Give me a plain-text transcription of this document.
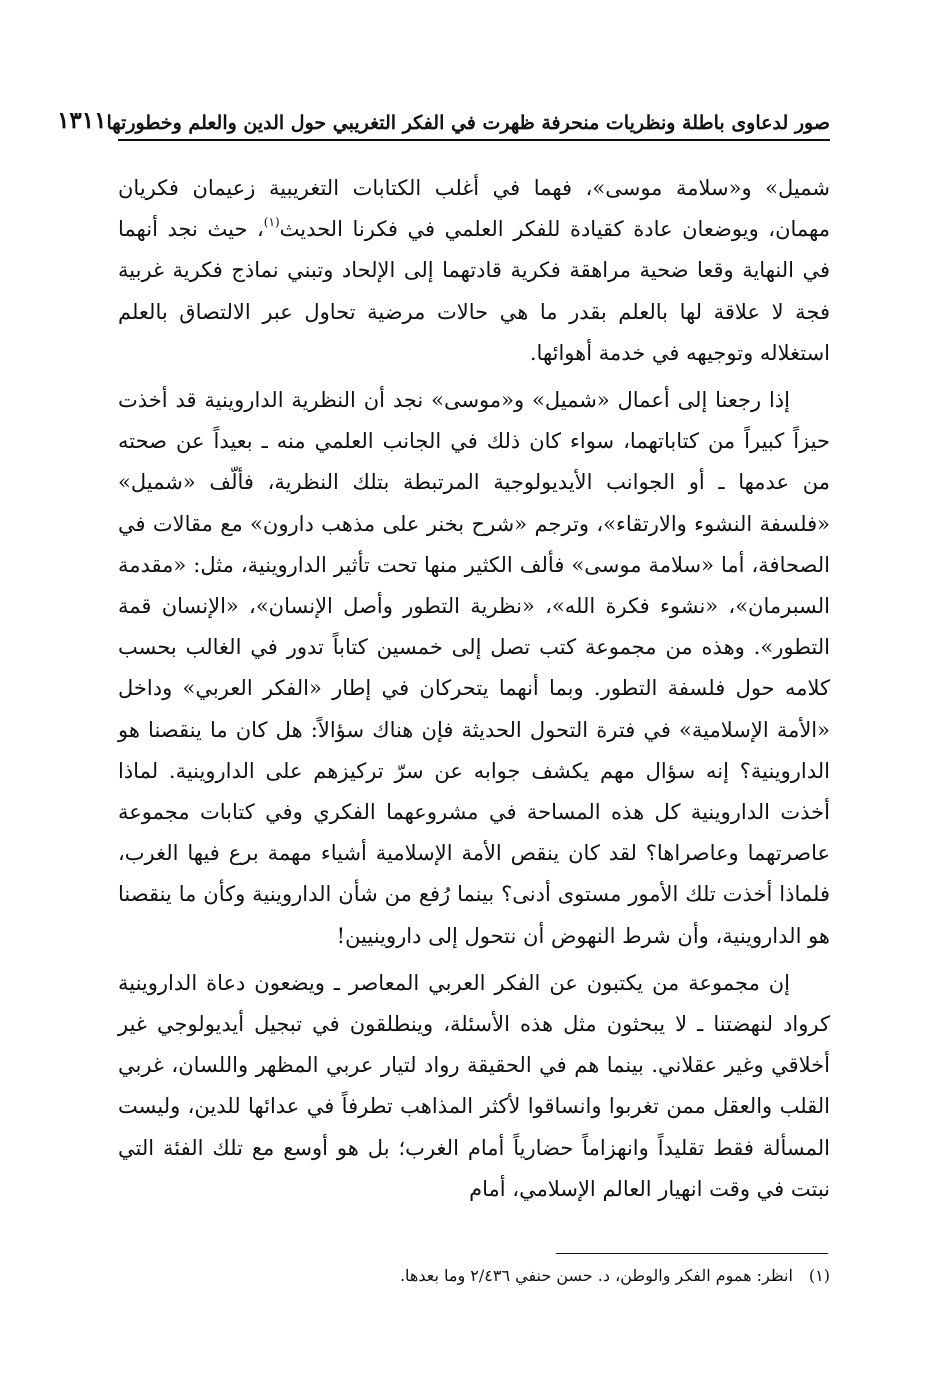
صور لدعاوى باطلة ونظريات منحرفة ظهرت في الفكر التغريبي حول الدين والعلم وخطورتها
١٣١١

شميل» و«سلامة موسى»، فهما في أغلب الكتابات التغريبية زعيمان فكريان مهمان، ويوضعان عادة كقيادة للفكر العلمي في فكرنا الحديث$^{(١)}$، حيث نجد أنهما في النهاية وقعا ضحية مراهقة فكرية قادتهما إلى الإلحاد وتبني نماذج فكرية غربية فجة لا علاقة لها بالعلم بقدر ما هي حالات مرضية تحاول عبر الالتصاق بالعلم استغلاله وتوجيهه في خدمة أهوائها.

إذا رجعنا إلى أعمال «شميل» و«موسى» نجد أن النظرية الداروينية قد أخذت حيزاً كبيراً من كتاباتهما، سواء كان ذلك في الجانب العلمي منه ـ بعيداً عن صحته من عدمها ـ أو الجوانب الأيديولوجية المرتبطة بتلك النظرية، فألّف «شميل» «فلسفة النشوء والارتقاء»، وترجم «شرح بخنر على مذهب دارون» مع مقالات في الصحافة، أما «سلامة موسى» فألف الكثير منها تحت تأثير الداروينية، مثل: «مقدمة السبرمان»، «نشوء فكرة الله»، «نظرية التطور وأصل الإنسان»، «الإنسان قمة التطور». وهذه من مجموعة كتب تصل إلى خمسين كتاباً تدور في الغالب بحسب كلامه حول فلسفة التطور. وبما أنهما يتحركان في إطار «الفكر العربي» وداخل «الأمة الإسلامية» في فترة التحول الحديثة فإن هناك سؤالاً: هل كان ما ينقصنا هو الداروينية؟ إنه سؤال مهم يكشف جوابه عن سرّ تركيزهم على الداروينية. لماذا أخذت الداروينية كل هذه المساحة في مشروعهما الفكري وفي كتابات مجموعة عاصرتهما وعاصراها؟ لقد كان ينقص الأمة الإسلامية أشياء مهمة برع فيها الغرب، فلماذا أخذت تلك الأمور مستوى أدنى؟ بينما رُفع من شأن الداروينية وكأن ما ينقصنا هو الداروينية، وأن شرط النهوض أن نتحول إلى داروينيين!

إن مجموعة من يكتبون عن الفكر العربي المعاصر ـ ويضعون دعاة الداروينية كرواد لنهضتنا ـ لا يبحثون مثل هذه الأسئلة، وينطلقون في تبجيل أيديولوجي غير أخلاقي وغير عقلاني. بينما هم في الحقيقة رواد لتيار عربي المظهر واللسان، غربي القلب والعقل ممن تغربوا وانساقوا لأكثر المذاهب تطرفاً في عدائها للدين، وليست المسألة فقط تقليداً وانهزاماً حضارياً أمام الغرب؛ بل هو أوسع مع تلك الفئة التي نبتت في وقت انهيار العالم الإسلامي، أمام

(١)انظر: هموم الفكر والوطن، د. حسن حنفي ٢/٤٣٦ وما بعدها.
